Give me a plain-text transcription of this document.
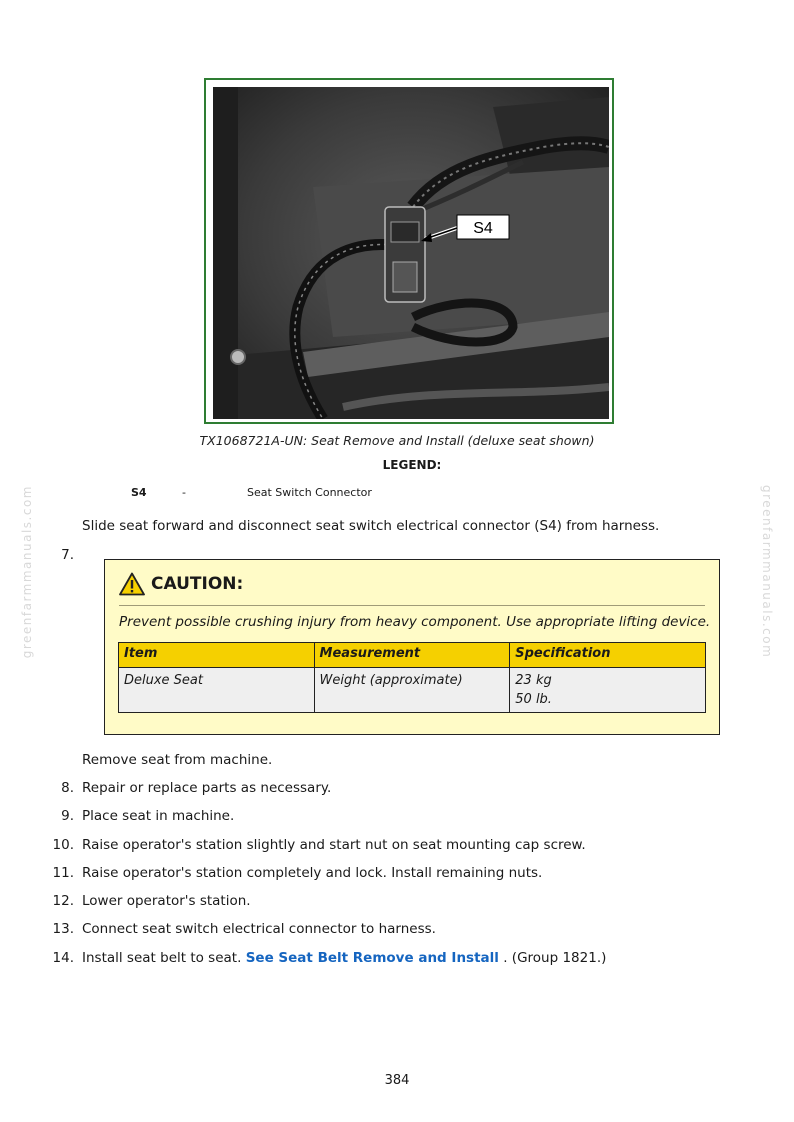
greenfarmmanuals.com	greenfarmmanuals.com
S4
TX1068721A-UN: Seat Remove and Install (deluxe seat shown)
LEGEND:
S4	-	Seat Switch Connector
Slide seat forward and disconnect seat switch electrical connector (S4) from harness.
7.
CAUTION:
Prevent possible crushing injury from heavy component. Use appropriate lifting device.
Item	Measurement	Specification
Deluxe Seat	Weight (approximate)	23 kg
50 lb.
Remove seat from machine.
8. Repair or replace parts as necessary.
9. Place seat in machine.
10. Raise operator's station slightly and start nut on seat mounting cap screw.
11. Raise operator's station completely and lock. Install remaining nuts.
12. Lower operator's station.
13. Connect seat switch electrical connector to harness.
14. Install seat belt to seat. See Seat Belt Remove and Install . (Group 1821.)
384
